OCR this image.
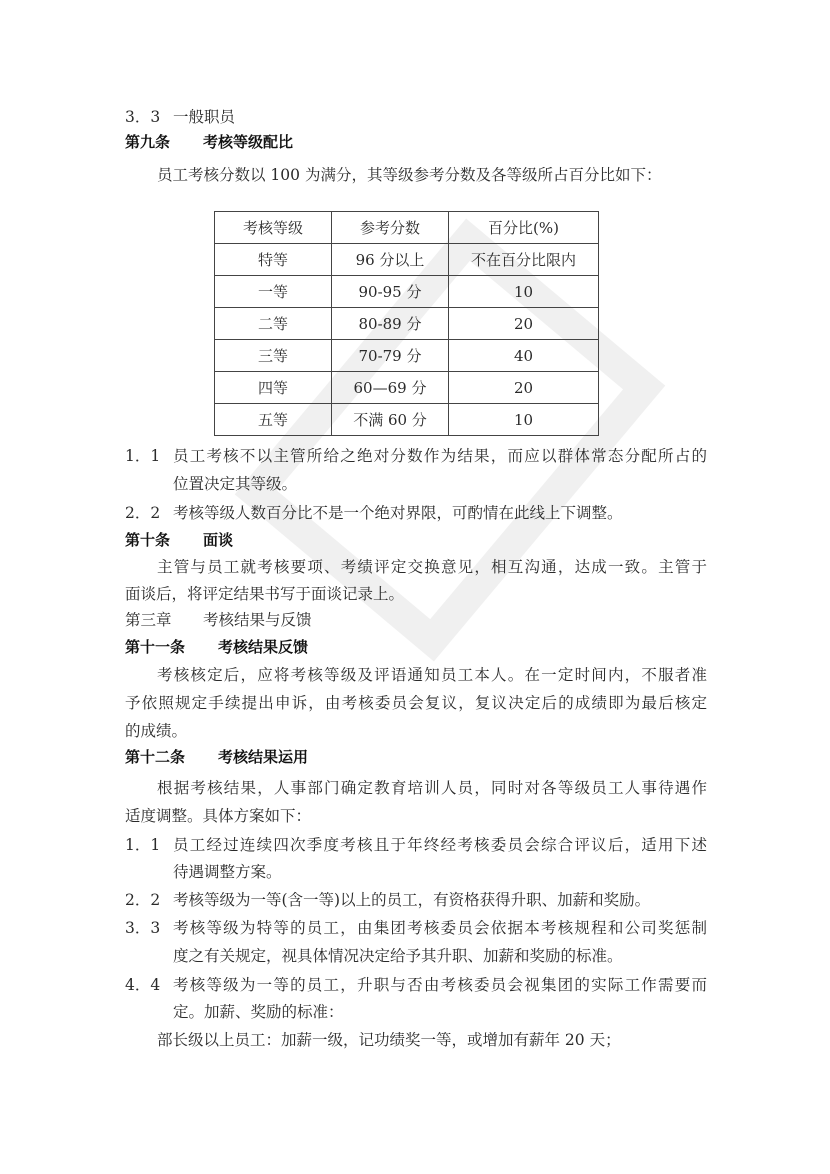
3．3 一般职员
第九条 考核等级配比
员工考核分数以 100 为满分，其等级参考分数及各等级所占百分比如下：
考核等级	参考分数	百分比(%)
特等	96 分以上	不在百分比限内
一等	90-95 分	10
二等	80-89 分	20
三等	70-79 分	40
四等	60—69 分	20
五等	不满 60 分	10
1．1 员工考核不以主管所给之绝对分数作为结果，而应以群体常态分配所占的
位置决定其等级。
2．2 考核等级人数百分比不是一个绝对界限，可酌情在此线上下调整。
第十条 面谈
主管与员工就考核要项、考绩评定交换意见，相互沟通，达成一致。主管于
面谈后，将评定结果书写于面谈记录上。
第三章 考核结果与反馈
第十一条 考核结果反馈
考核核定后，应将考核等级及评语通知员工本人。在一定时间内，不服者准
予依照规定手续提出申诉，由考核委员会复议，复议决定后的成绩即为最后核定
的成绩。
第十二条 考核结果运用
根据考核结果，人事部门确定教育培训人员，同时对各等级员工人事待遇作
适度调整。具体方案如下：
1．1 员工经过连续四次季度考核且于年终经考核委员会综合评议后，适用下述
待遇调整方案。
2．2 考核等级为一等(含一等)以上的员工，有资格获得升职、加薪和奖励。
3．3 考核等级为特等的员工，由集团考核委员会依据本考核规程和公司奖惩制
度之有关规定，视具体情况决定给予其升职、加薪和奖励的标准。
4．4 考核等级为一等的员工，升职与否由考核委员会视集团的实际工作需要而
定。加薪、奖励的标准：
部长级以上员工：加薪一级，记功绩奖一等，或增加有薪年 20 天；
